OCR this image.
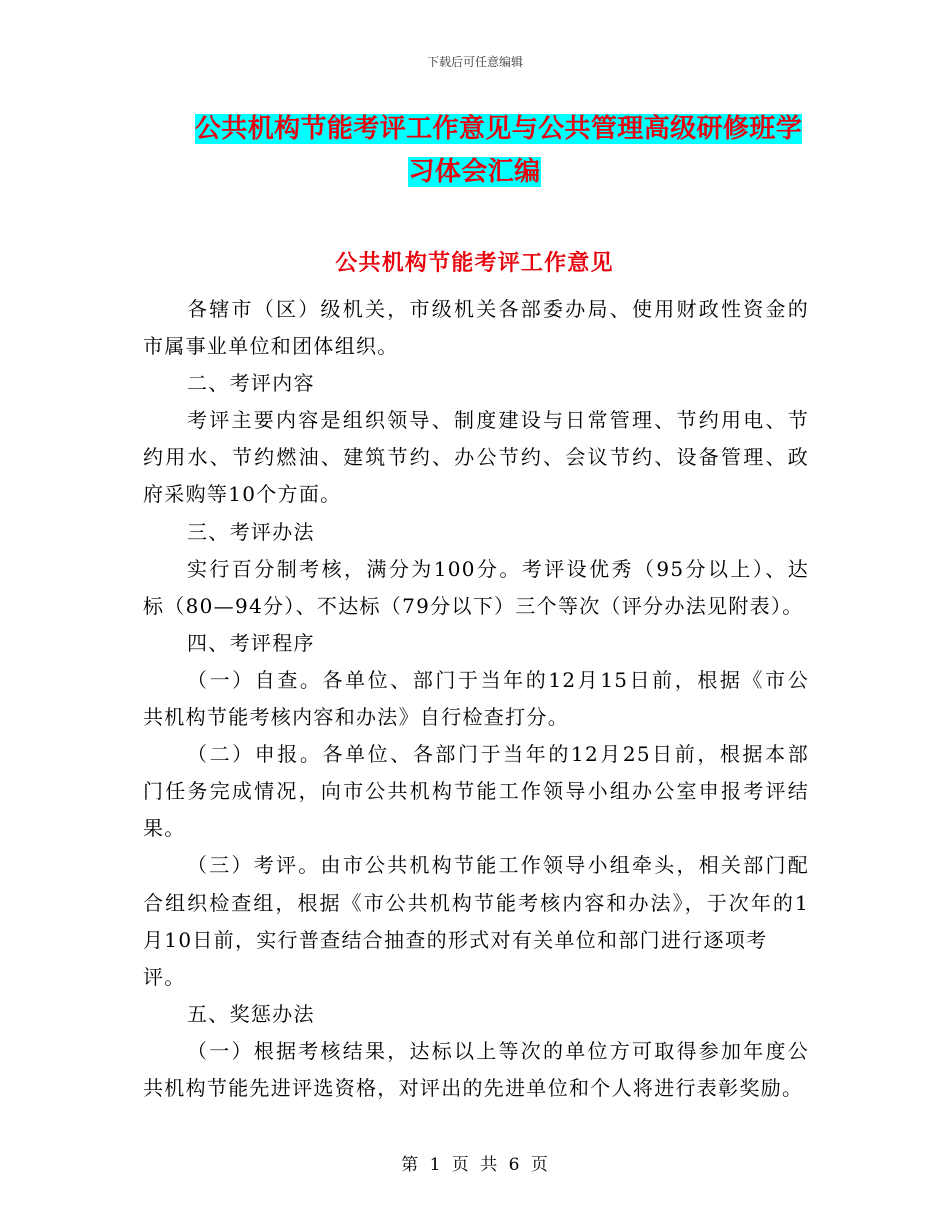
下载后可任意编辑
公共机构节能考评工作意见与公共管理高级研修班学
习体会汇编
公共机构节能考评工作意见
各辖市（区）级机关，市级机关各部委办局、使用财政性资金的
市属事业单位和团体组织。
二、考评内容
考评主要内容是组织领导、制度建设与日常管理、节约用电、节
约用水、节约燃油、建筑节约、办公节约、会议节约、设备管理、政
府采购等10个方面。
三、考评办法
实行百分制考核，满分为100分。考评设优秀（95分以上）、达
标（80—94分）、不达标（79分以下）三个等次（评分办法见附表）。
四、考评程序
（一）自查。各单位、部门于当年的12月15日前，根据《市公
共机构节能考核内容和办法》自行检查打分。
（二）申报。各单位、各部门于当年的12月25日前，根据本部
门任务完成情况，向市公共机构节能工作领导小组办公室申报考评结
果。
（三）考评。由市公共机构节能工作领导小组牵头，相关部门配
合组织检查组，根据《市公共机构节能考核内容和办法》，于次年的1
月10日前，实行普查结合抽查的形式对有关单位和部门进行逐项考评。
五、奖惩办法
（一）根据考核结果，达标以上等次的单位方可取得参加年度公
共机构节能先进评选资格，对评出的先进单位和个人将进行表彰奖励。
第 1 页 共 6 页
